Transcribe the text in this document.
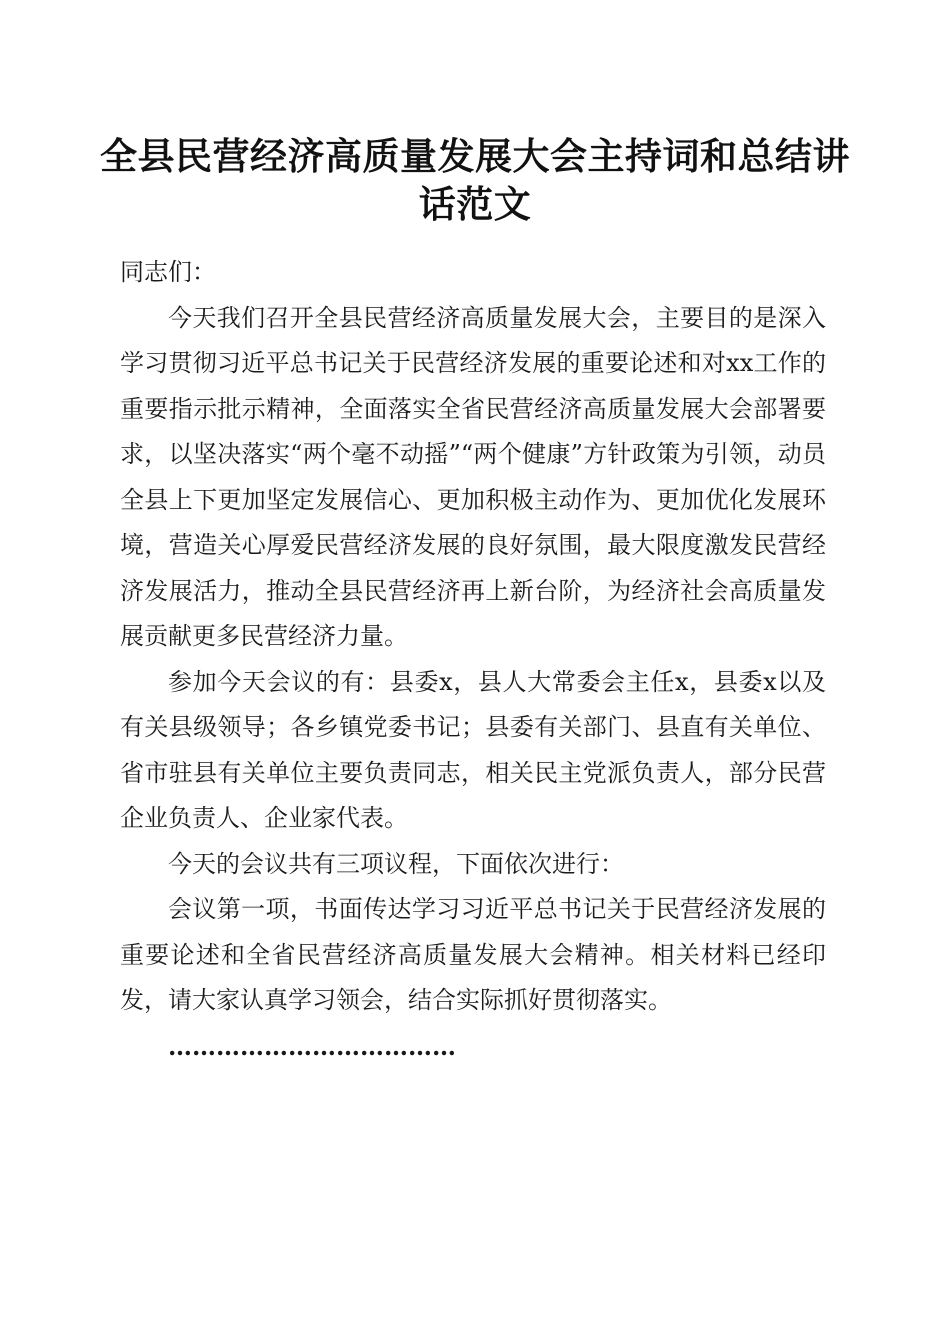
全县民营经济高质量发展大会主持词和总结讲话范文

同志们：

今天我们召开全县民营经济高质量发展大会，主要目的是深入学习贯彻习近平总书记关于民营经济发展的重要论述和对xx工作的重要指示批示精神，全面落实全省民营经济高质量发展大会部署要求，以坚决落实“两个毫不动摇”“两个健康”方针政策为引领，动员全县上下更加坚定发展信心、更加积极主动作为、更加优化发展环境，营造关心厚爱民营经济发展的良好氛围，最大限度激发民营经济发展活力，推动全县民营经济再上新台阶，为经济社会高质量发展贡献更多民营经济力量。

参加今天会议的有：县委x，县人大常委会主任x，县委x以及有关县级领导；各乡镇党委书记；县委有关部门、县直有关单位、省市驻县有关单位主要负责同志，相关民主党派负责人，部分民营企业负责人、企业家代表。

今天的会议共有三项议程，下面依次进行：

会议第一项，书面传达学习习近平总书记关于民营经济发展的重要论述和全省民营经济高质量发展大会精神。相关材料已经印发，请大家认真学习领会，结合实际抓好贯彻落实。

………………………………
